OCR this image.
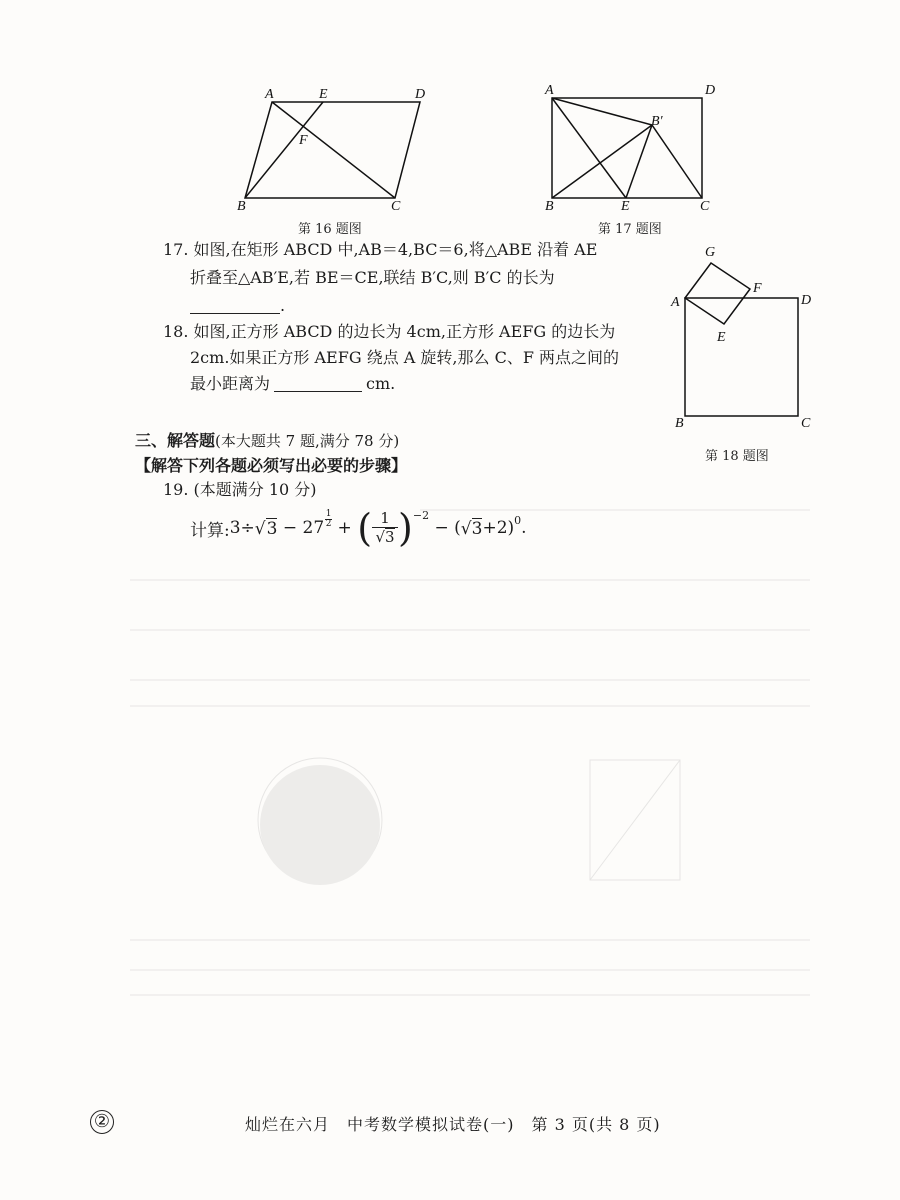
A	E	D
F
B	C
第 16 题图
A	D
B′
B	E	C
第 17 题图
G
F
A	D
E
B	C
第 18 题图
17. 如图,在矩形 ABCD 中,AB＝4,BC＝6,将△ABE 沿着 AE
折叠至△AB′E,若 BE＝CE,联结 B′C,则 B′C 的长为
.
18. 如图,正方形 ABCD 的边长为 4cm,正方形 AEFG 的边长为
2cm.如果正方形 AEFG 绕点 A 旋转,那么 C、F 两点之间的
最小距离为	cm.
三、解答题(本大题共 7 题,满分 78 分)
【解答下列各题必须写出必要的步骤】
19. (本题满分 10 分)
计算: 3÷ √ 3 − 27
1
2 + ( 1
√ 3 ) −2
− ( √ 3 +2) 0 .
②	灿烂在六月　中考数学模拟试卷(一)　第 3 页(共 8 页)
